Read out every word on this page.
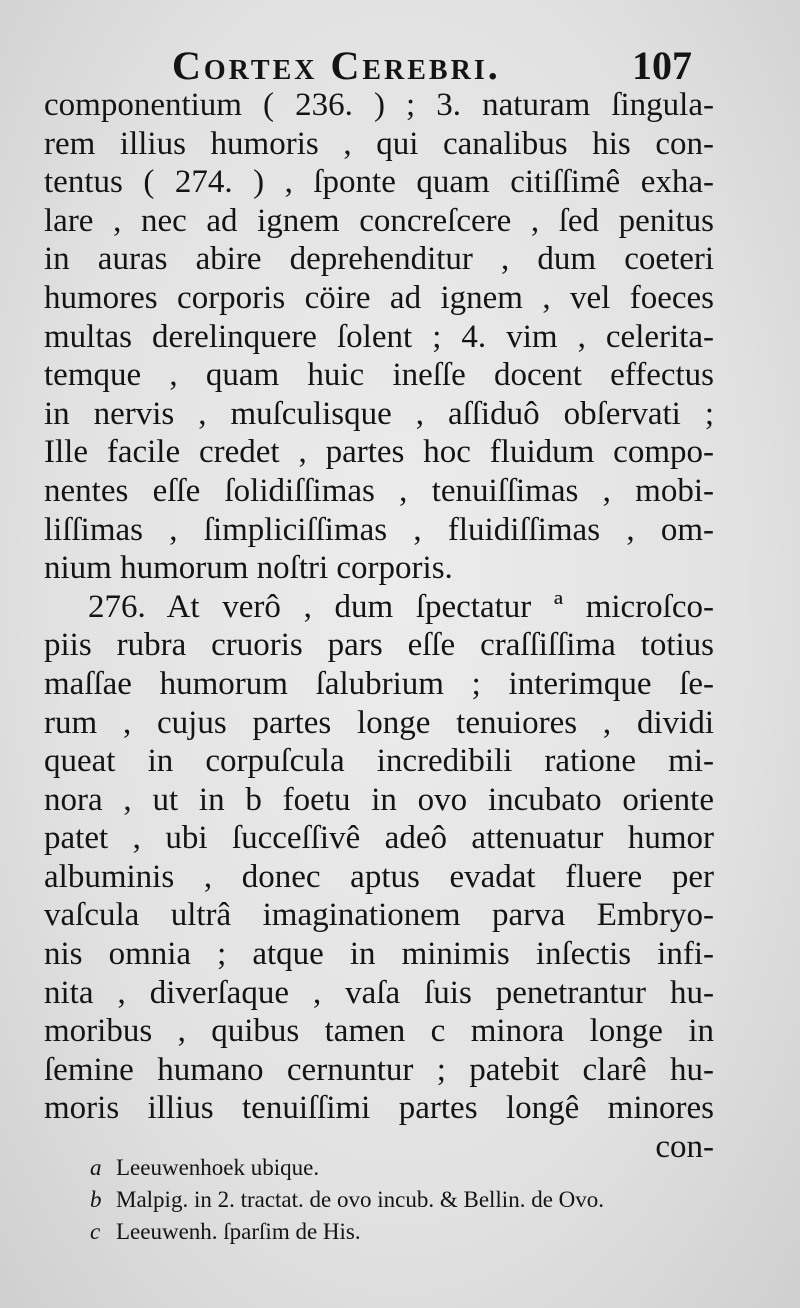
Cortex Cerebri.	107
componentium ( 236. ) ; 3. naturam ſingula-
rem illius humoris , qui canalibus his con-
tentus ( 274. ) , ſponte quam citiſſimê exha-
lare , nec ad ignem concreſcere , ſed penitus
in auras abire deprehenditur , dum coeteri
humores corporis cöire ad ignem , vel foeces
multas derelinquere ſolent ; 4. vim , celerita-
temque , quam huic ineſſe docent effectus
in nervis , muſculisque , aſſiduô obſervati ;
Ille facile credet , partes hoc fluidum compo-
nentes eſſe ſolidiſſimas , tenuiſſimas , mobi-
liſſimas , ſimpliciſſimas , fluidiſſimas , om-
nium humorum noſtri corporis.
276. At verô , dum ſpectatur ª microſco-
piis rubra cruoris pars eſſe craſſiſſima totius
maſſae humorum ſalubrium ; interimque ſe-
rum , cujus partes longe tenuiores , dividi
queat in corpuſcula incredibili ratione mi-
nora , ut in b foetu in ovo incubato oriente
patet , ubi ſucceſſivê adeô attenuatur humor
albuminis , donec aptus evadat fluere per
vaſcula ultrâ imaginationem parva Embryo-
nis omnia ; atque in minimis inſectis infi-
nita , diverſaque , vaſa ſuis penetrantur hu-
moribus , quibus tamen c minora longe in
ſemine humano cernuntur ; patebit clarê hu-
moris illius tenuiſſimi partes longê minores
con-
a Leeuwenhoek ubique.
b Malpig. in 2. tractat. de ovo incub. & Bellin. de Ovo.
c Leeuwenh. ſparſim de His.
